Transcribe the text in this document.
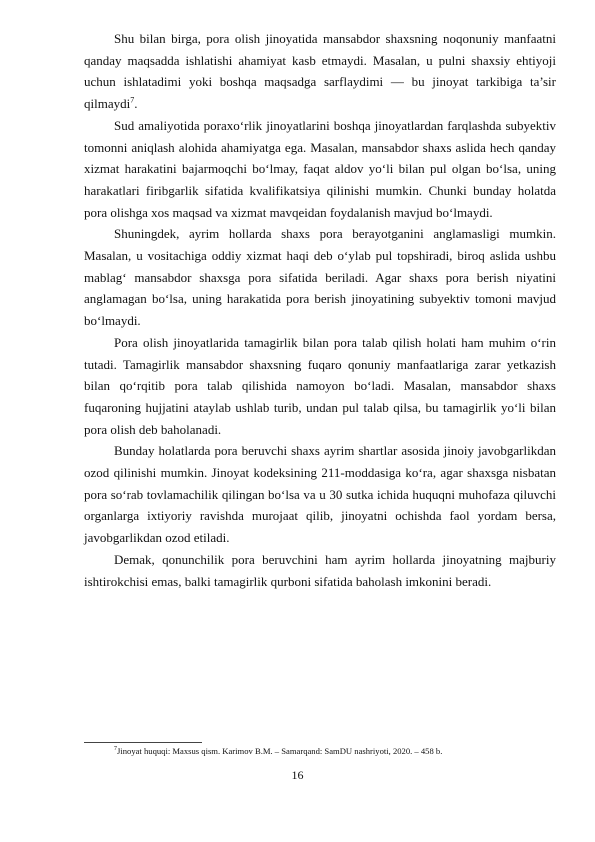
Shu bilan birga, pora olish jinoyatida mansabdor shaxsning noqonuniy manfaatni qanday maqsadda ishlatishi ahamiyat kasb etmaydi. Masalan, u pulni shaxsiy ehtiyoji uchun ishlatadimi yoki boshqa maqsadga sarflaydimi — bu jinoyat tarkibiga ta’sir qilmaydi$^7$.

Sud amaliyotida poraxo‘rlik jinoyatlarini boshqa jinoyatlardan farqlashda subyektiv tomonni aniqlash alohida ahamiyatga ega. Masalan, mansabdor shaxs aslida hech qanday xizmat harakatini bajarmoqchi bo‘lmay, faqat aldov yo‘li bilan pul olgan bo‘lsa, uning harakatlari firibgarlik sifatida kvalifikatsiya qilinishi mumkin. Chunki bunday holatda pora olishga xos maqsad va xizmat mavqeidan foydalanish mavjud bo‘lmaydi.

Shuningdek, ayrim hollarda shaxs pora berayotganini anglamasligi mumkin. Masalan, u vositachiga oddiy xizmat haqi deb o‘ylab pul topshiradi, biroq aslida ushbu mablag‘ mansabdor shaxsga pora sifatida beriladi. Agar shaxs pora berish niyatini anglamagan bo‘lsa, uning harakatida pora berish jinoyatining subyektiv tomoni mavjud bo‘lmaydi.

Pora olish jinoyatlarida tamagirlik bilan pora talab qilish holati ham muhim o‘rin tutadi. Tamagirlik mansabdor shaxsning fuqaro qonuniy manfaatlariga zarar yetkazish bilan qo‘rqitib pora talab qilishida namoyon bo‘ladi. Masalan, mansabdor shaxs fuqaroning hujjatini ataylab ushlab turib, undan pul talab qilsa, bu tamagirlik yo‘li bilan pora olish deb baholanadi.

Bunday holatlarda pora beruvchi shaxs ayrim shartlar asosida jinoiy javobgarlikdan ozod qilinishi mumkin. Jinoyat kodeksining 211-moddasiga ko‘ra, agar shaxsga nisbatan pora so‘rab tovlamachilik qilingan bo‘lsa va u 30 sutka ichida huquqni muhofaza qiluvchi organlarga ixtiyoriy ravishda murojaat qilib, jinoyatni ochishda faol yordam bersa, javobgarlikdan ozod etiladi.

Demak, qonunchilik pora beruvchini ham ayrim hollarda jinoyatning majburiy ishtirokchisi emas, balki tamagirlik qurboni sifatida baholash imkonini beradi.

$^7$Jinoyat huquqi: Maxsus qism. Karimov B.M. – Samarqand: SamDU nashriyoti, 2020. – 458 b.
16
